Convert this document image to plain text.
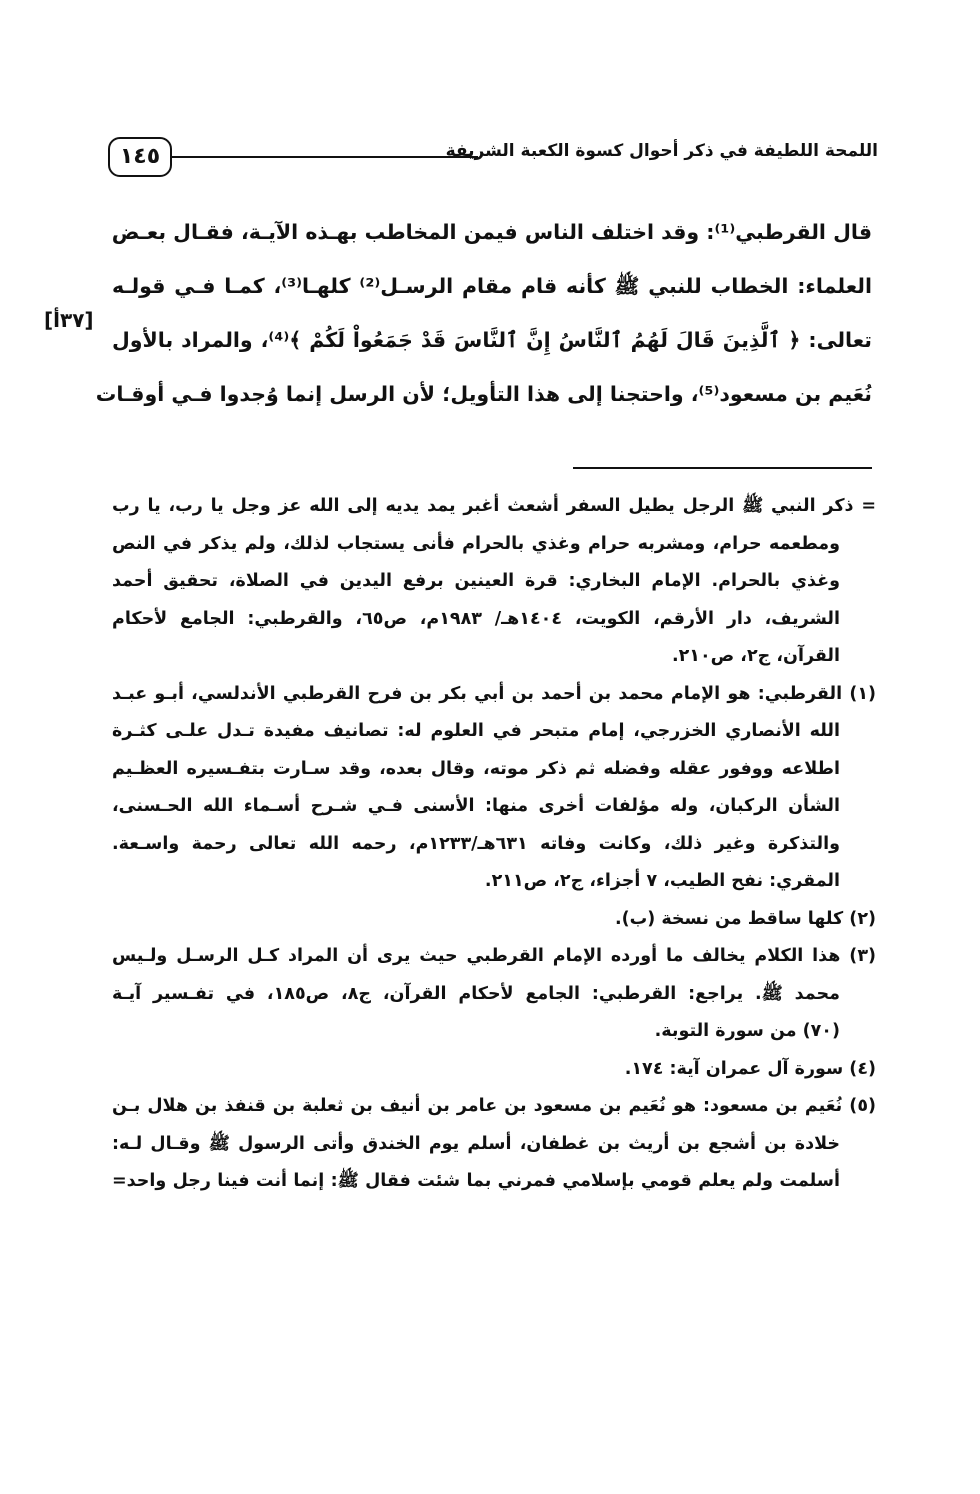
١٤٥	اللمحة اللطيفة في ذكر أحوال كسوة الكعبة الشريفة
[٣٧أ]
قال القرطبي⁽¹⁾: وقد اختلف الناس فيمن المخاطب بهـذه الآيـة، فقـال بعـض
العلماء: الخطاب للنبي ﷺ كأنه قام مقام الرسـل⁽²⁾ كلهـا⁽³⁾، كمـا فـي قولـه
تعالى: ﴿ ٱلَّذِينَ قَالَ لَهُمُ ٱلنَّاسُ إِنَّ ٱلنَّاسَ قَدْ جَمَعُواْ لَكُمْ ﴾⁽⁴⁾، والمراد بالأول
نُعَيم بن مسعود⁽⁵⁾، واحتجنا إلى هذا التأويل؛ لأن الرسل إنما وُجدوا فـي أوقـات
= ذكر النبي ﷺ الرجل يطيل السفر أشعث أغبر يمد يديه إلى الله عز وجل يا رب، يا رب
ومطعمه حرام، ومشربه حرام وغذي بالحرام فأنى يستجاب لذلك، ولم يذكر في النص
وغذي بالحرام. الإمام البخاري: قرة العينين برفع اليدين في الصلاة، تحقيق أحمد
الشريف، دار الأرقم، الكويت، ١٤٠٤هـ/ ١٩٨٣م، ص٦٥، والقرطبي: الجامع لأحكام
القرآن، ج٢، ص٢١٠.
(١) القرطبي: هو الإمام محمد بن أحمد بن أبي بكر بن فرح القرطبي الأندلسي، أبـو عبـد
الله الأنصاري الخزرجي، إمام متبحر في العلوم له: تصانيف مفيدة تـدل علـى كثـرة
اطلاعه ووفور عقله وفضله ثم ذكر موته، وقال بعده، وقد سـارت بتفـسيره العظـيم
الشأن الركبان، وله مؤلفات أخرى منها: الأسنى فـي شـرح أسـماء الله الحـسنى،
والتذكرة وغير ذلك، وكانت وفاته ٦٣١هـ/١٢٣٣م، رحمه الله تعالى رحمة واسـعة.
المقري: نفح الطيب، ٧ أجزاء، ج٢، ص٢١١.
(٢) كلها ساقط من نسخة (ب).
(٣) هذا الكلام يخالف ما أورده الإمام القرطبي حيث يرى أن المراد كـل الرسـل ولـيس
محمد ﷺ. يراجع: القرطبي: الجامع لأحكام القرآن، ج٨، ص١٨٥، في تفـسير آيـة
(٧٠) من سورة التوبة.
(٤) سورة آل عمران آية: ١٧٤.
(٥) نُعَيم بن مسعود: هو نُعَيم بن مسعود بن عامر بن أنيف بن ثعلبة بن قنفذ بن هلال بـن
خلادة بن أشجع بن أريث بن غطفان، أسلم يوم الخندق وأتى الرسول ﷺ وقـال لـه:
أسلمت ولم يعلم قومي بإسلامي فمرني بما شئت فقال ﷺ: إنما أنت فينا رجل واحد=
